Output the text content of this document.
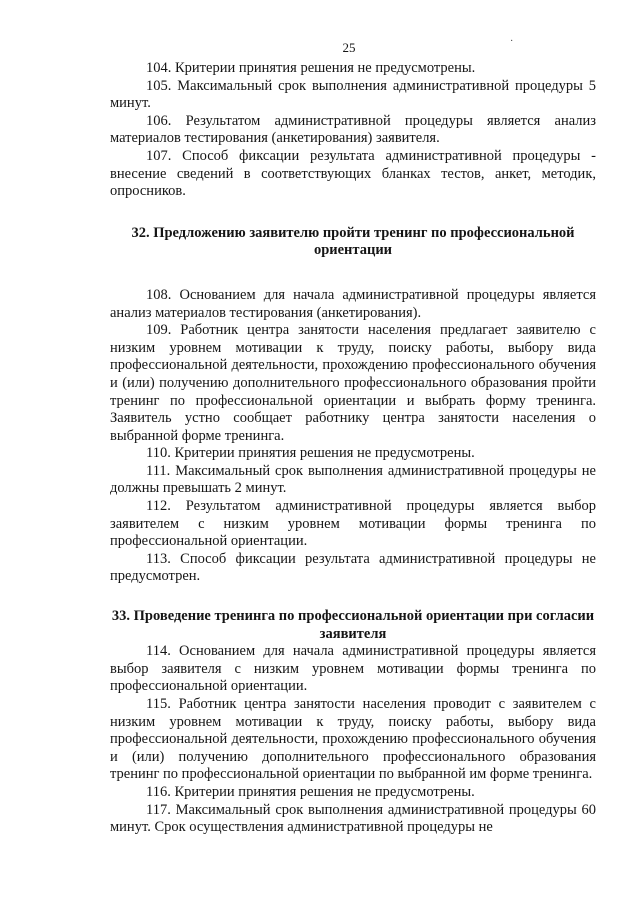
·
25

104. Критерии принятия решения не предусмотрены.

105. Максимальный срок выполнения административной процедуры 5 минут.

106. Результатом административной процедуры является анализ материалов тестирования (анкетирования) заявителя.

107. Способ фиксации результата административной процедуры - внесение сведений в соответствующих бланках тестов, анкет, методик, опросников.

32. Предложению заявителю пройти тренинг по профессиональной ориентации

108. Основанием для начала административной процедуры является анализ материалов тестирования (анкетирования).

109. Работник центра занятости населения предлагает заявителю с низким уровнем мотивации к труду, поиску работы, выбору вида профессиональной деятельности, прохождению профессионального обучения и (или) получению дополнительного профессионального образования пройти тренинг по профессиональной ориентации и выбрать форму тренинга. Заявитель устно сообщает работнику центра занятости населения о выбранной форме тренинга.

110. Критерии принятия решения не предусмотрены.

111. Максимальный срок выполнения административной процедуры не должны превышать 2 минут.

112. Результатом административной процедуры является выбор заявителем с низким уровнем мотивации формы тренинга по профессиональной ориентации.

113. Способ фиксации результата административной процедуры не предусмотрен.

33. Проведение тренинга по профессиональной ориентации при согласии заявителя

114. Основанием для начала административной процедуры является выбор заявителя с низким уровнем мотивации формы тренинга по профессиональной ориентации.

115. Работник центра занятости населения проводит с заявителем с низким уровнем мотивации к труду, поиску работы, выбору вида профессиональной деятельности, прохождению профессионального обучения и (или) получению дополнительного профессионального образования тренинг по профессиональной ориентации по выбранной им форме тренинга.

116. Критерии принятия решения не предусмотрены.

117. Максимальный срок выполнения административной процедуры 60 минут. Срок осуществления административной процедуры не
